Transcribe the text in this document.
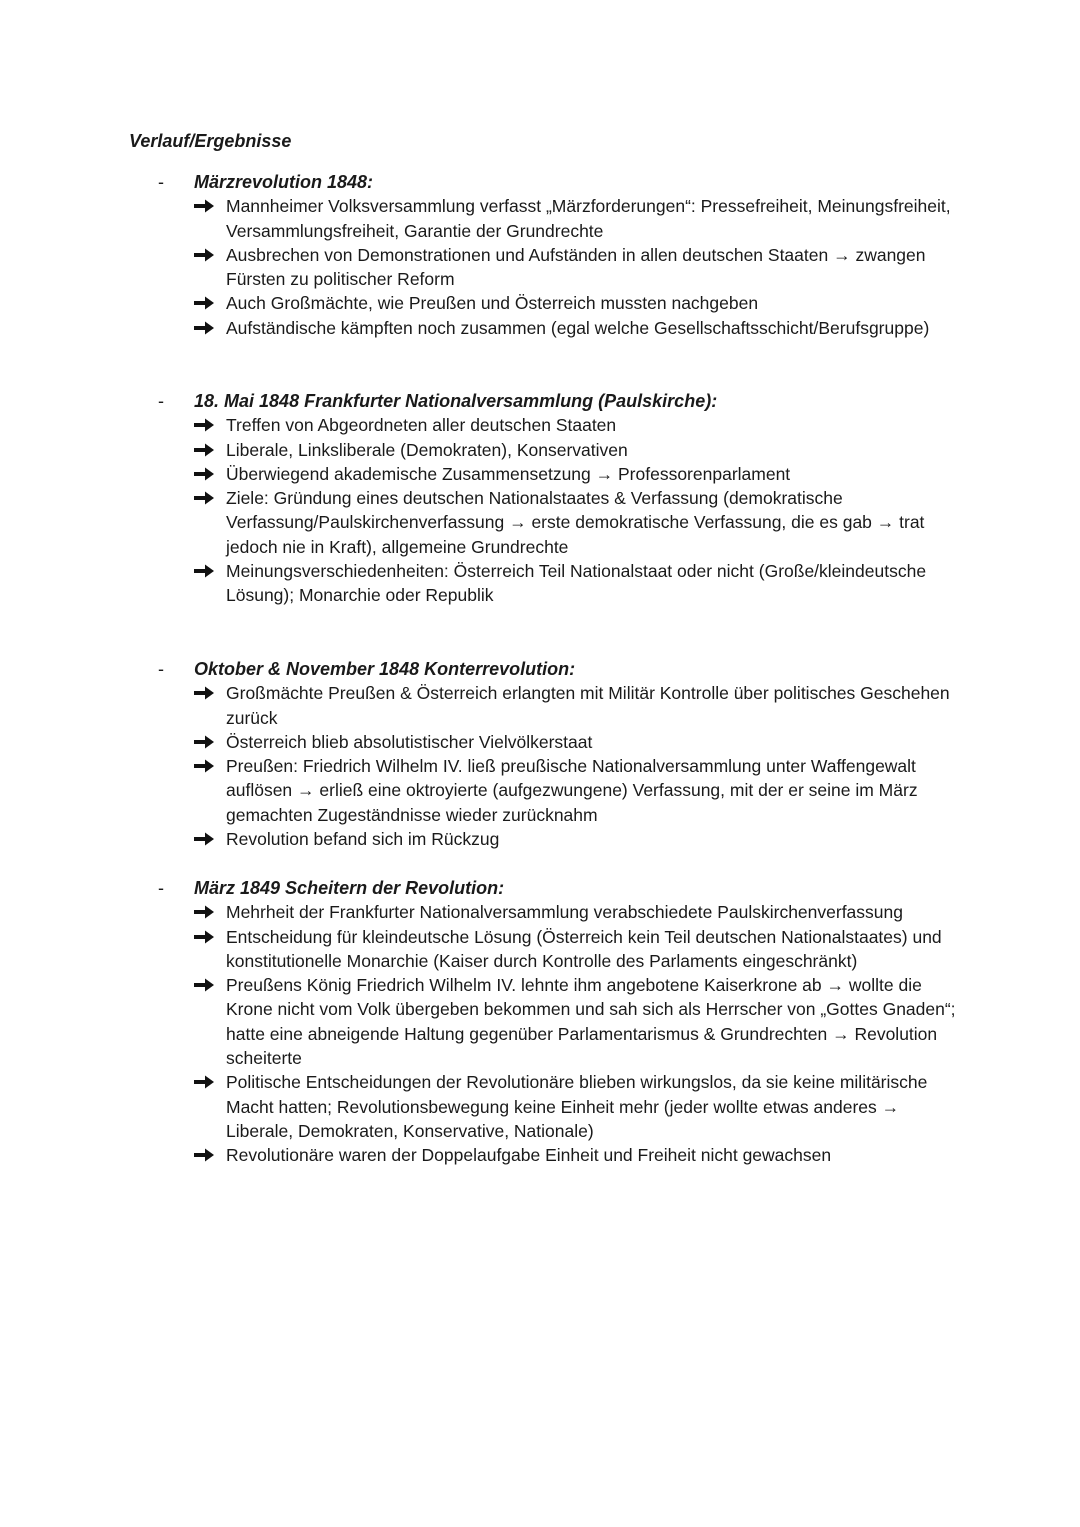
Verlauf/Ergebnisse
- Märzrevolution 1848:
Mannheimer Volksversammlung verfasst „Märzforderungen“: Pressefreiheit, Meinungsfreiheit, Versammlungsfreiheit, Garantie der Grundrechte
Ausbrechen von Demonstrationen und Aufständen in allen deutschen Staaten → zwangen Fürsten zu politischer Reform
Auch Großmächte, wie Preußen und Österreich mussten nachgeben
Aufständische kämpften noch zusammen (egal welche Gesellschaftsschicht/Berufsgruppe)
- 18. Mai 1848 Frankfurter Nationalversammlung (Paulskirche):
Treffen von Abgeordneten aller deutschen Staaten
Liberale, Linksliberale (Demokraten), Konservativen
Überwiegend akademische Zusammensetzung → Professorenparlament
Ziele: Gründung eines deutschen Nationalstaates & Verfassung (demokratische Verfassung/Paulskirchenverfassung → erste demokratische Verfassung, die es gab → trat jedoch nie in Kraft), allgemeine Grundrechte
Meinungsverschiedenheiten: Österreich Teil Nationalstaat oder nicht (Große/kleindeutsche Lösung); Monarchie oder Republik
- Oktober & November 1848 Konterrevolution:
Großmächte Preußen & Österreich erlangten mit Militär Kontrolle über politisches Geschehen zurück
Österreich blieb absolutistischer Vielvölkerstaat
Preußen: Friedrich Wilhelm IV. ließ preußische Nationalversammlung unter Waffengewalt auflösen → erließ eine oktroyierte (aufgezwungene) Verfassung, mit der er seine im März gemachten Zugeständnisse wieder zurücknahm
Revolution befand sich im Rückzug
- März 1849 Scheitern der Revolution:
Mehrheit der Frankfurter Nationalversammlung verabschiedete Paulskirchenverfassung
Entscheidung für kleindeutsche Lösung (Österreich kein Teil deutschen Nationalstaates) und konstitutionelle Monarchie (Kaiser durch Kontrolle des Parlaments eingeschränkt)
Preußens König Friedrich Wilhelm IV. lehnte ihm angebotene Kaiserkrone ab → wollte die Krone nicht vom Volk übergeben bekommen und sah sich als Herrscher von „Gottes Gnaden“; hatte eine abneigende Haltung gegenüber Parlamentarismus & Grundrechten → Revolution scheiterte
Politische Entscheidungen der Revolutionäre blieben wirkungslos, da sie keine militärische Macht hatten; Revolutionsbewegung keine Einheit mehr (jeder wollte etwas anderes → Liberale, Demokraten, Konservative, Nationale)
Revolutionäre waren der Doppelaufgabe Einheit und Freiheit nicht gewachsen
